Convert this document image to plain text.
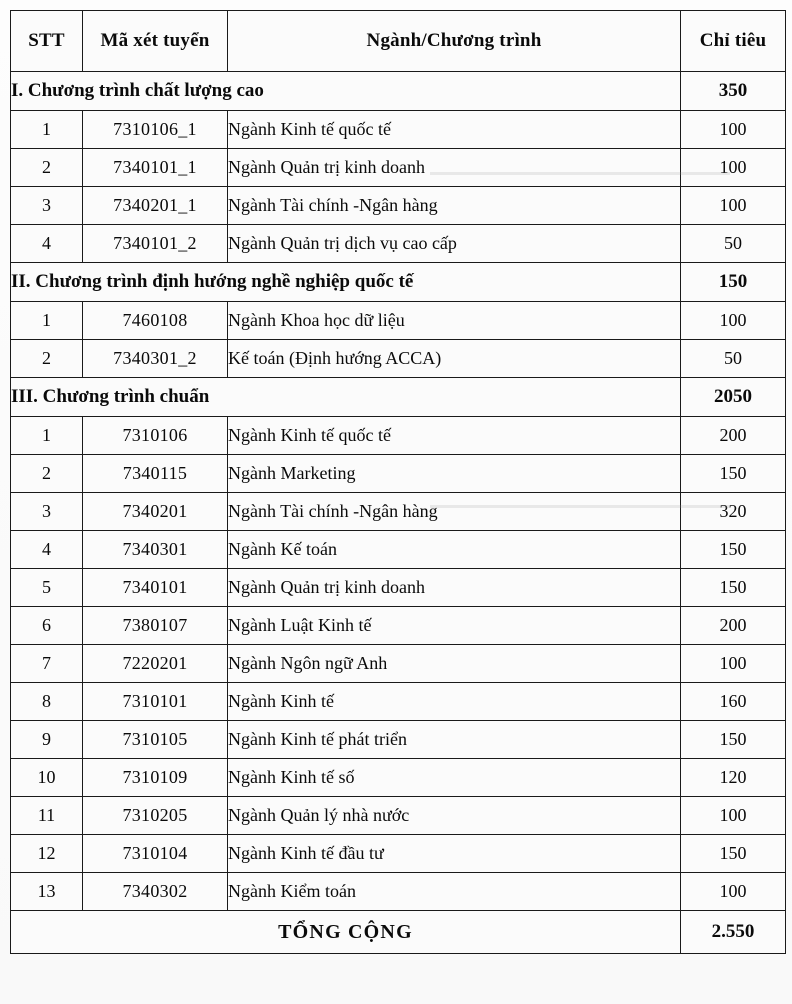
STT	Mã xét tuyển	Ngành/Chương trình	Chỉ tiêu
I. Chương trình chất lượng cao			350
1	7310106_1	Ngành Kinh tế quốc tế	100
2	7340101_1	Ngành Quản trị kinh doanh	100
3	7340201_1	Ngành Tài chính -Ngân hàng	100
4	7340101_2	Ngành Quản trị dịch vụ cao cấp	50
II. Chương trình định hướng nghề nghiệp quốc tế			150
1	7460108	Ngành Khoa học dữ liệu	100
2	7340301_2	Kế toán (Định hướng ACCA)	50
III. Chương trình chuẩn			2050
1	7310106	Ngành Kinh tế quốc tế	200
2	7340115	Ngành Marketing	150
3	7340201	Ngành Tài chính -Ngân hàng	320
4	7340301	Ngành Kế toán	150
5	7340101	Ngành Quản trị kinh doanh	150
6	7380107	Ngành Luật Kinh tế	200
7	7220201	Ngành Ngôn ngữ Anh	100
8	7310101	Ngành Kinh tế	160
9	7310105	Ngành Kinh tế phát triển	150
10	7310109	Ngành Kinh tế số	120
11	7310205	Ngành Quản lý nhà nước	100
12	7310104	Ngành Kinh tế đầu tư	150
13	7340302	Ngành Kiểm toán	100
TỔNG CỘNG			2.550
